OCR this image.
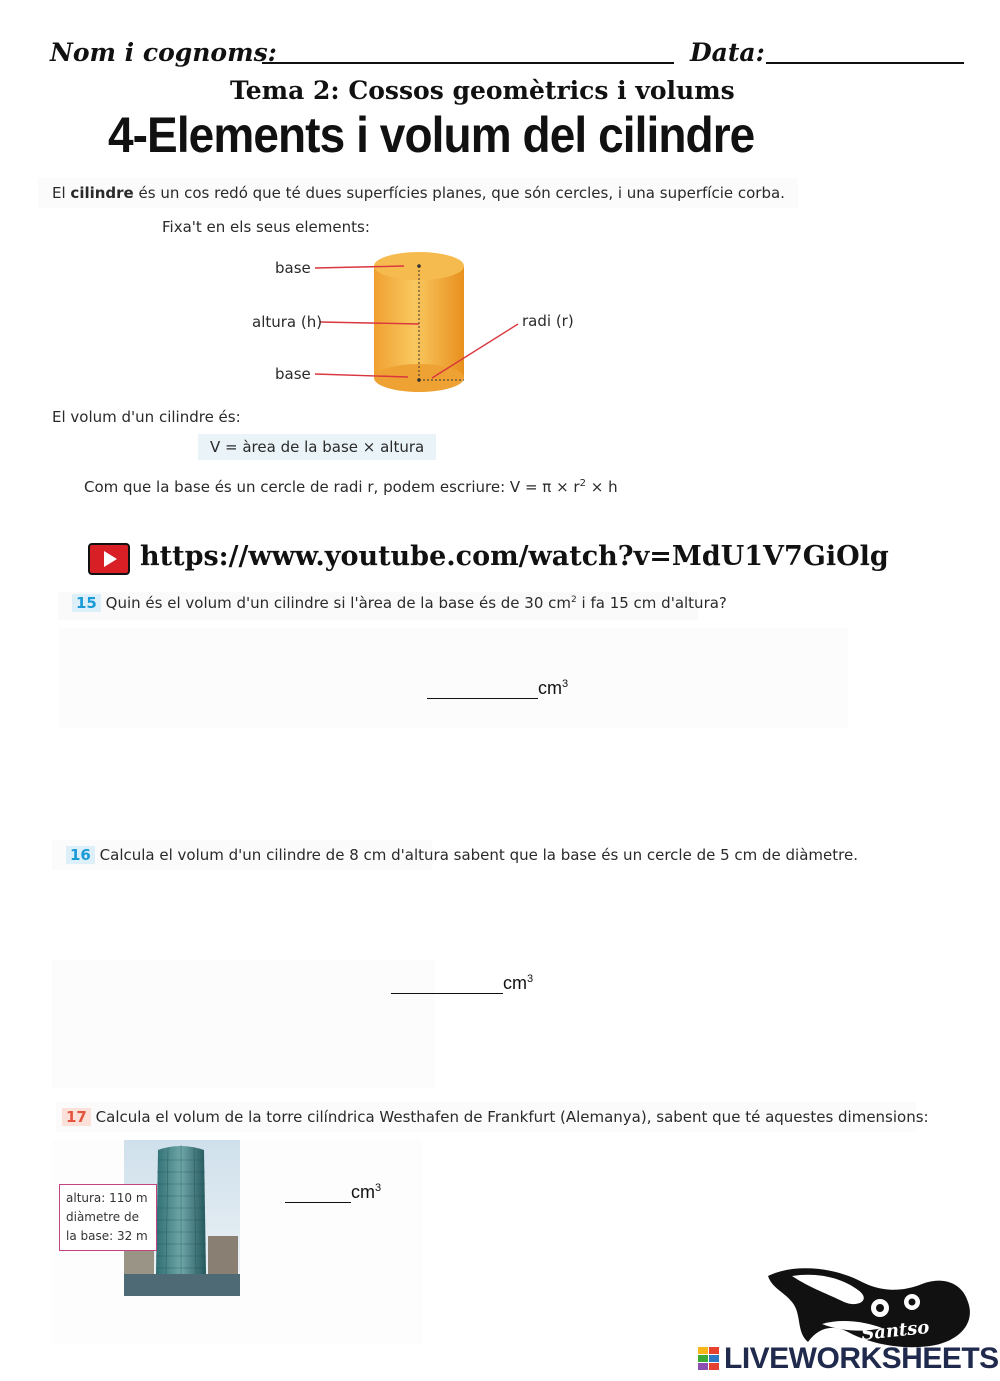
Nom i cognoms:	Data:
Tema 2: Cossos geomètrics i volums
4-Elements i volum del cilindre
El cilindre és un cos redó que té dues superfícies planes, que són cercles, i una superfície corba.
Fixa't en els seus elements:
base
altura (h)
base
radi (r)
El volum d'un cilindre és:
V = àrea de la base × altura
Com que la base és un cercle de radi r, podem escriure: $V = \pi \times r^2 \times h$
https://www.youtube.com/watch?v=MdU1V7GiOlg
15 Quin és el volum d'un cilindre si l'àrea de la base és de 30 $cm^2$ i fa 15 cm d'altura?
$cm^3$
16 Calcula el volum d'un cilindre de 8 cm d'altura sabent que la base és un cercle de 5 cm de diàmetre.
$cm^3$
17 Calcula el volum de la torre cilíndrica Westhafen de Frankfurt (Alemanya), sabent que té aquestes dimensions:
altura: 110 m
diàmetre de
la base: 32 m
$cm^3$
Santso
LIVEWORKSHEETS
